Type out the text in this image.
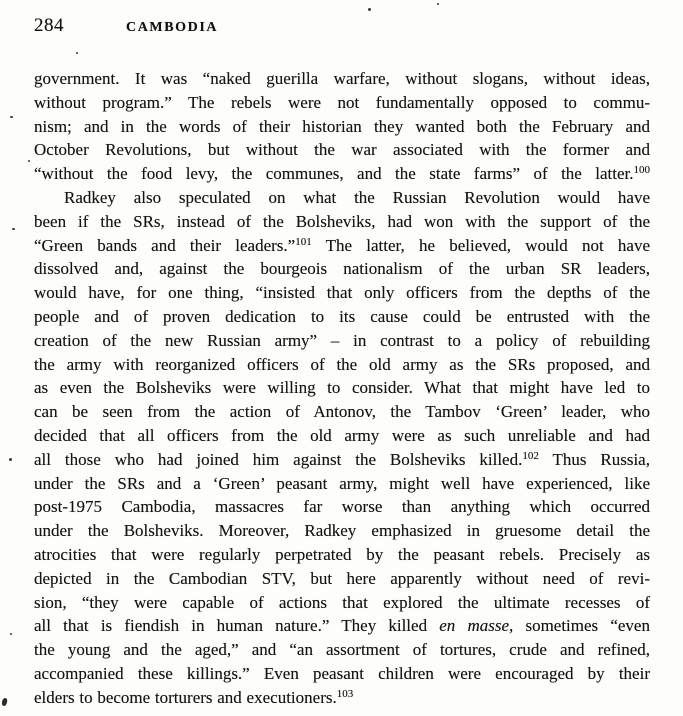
284	CAMBODIA
government. It was “naked guerilla warfare, without slogans, without ideas,
without program.” The rebels were not fundamentally opposed to commu-
nism; and in the words of their historian they wanted both the February and
October Revolutions, but without the war associated with the former and
“without the food levy, the communes, and the state farms” of the latter.$^{100}$
Radkey also speculated on what the Russian Revolution would have
been if the SRs, instead of the Bolsheviks, had won with the support of the
“Green bands and their leaders.”$^{101}$ The latter, he believed, would not have
dissolved and, against the bourgeois nationalism of the urban SR leaders,
would have, for one thing, “insisted that only officers from the depths of the
people and of proven dedication to its cause could be entrusted with the
creation of the new Russian army” – in contrast to a policy of rebuilding
the army with reorganized officers of the old army as the SRs proposed, and
as even the Bolsheviks were willing to consider. What that might have led to
can be seen from the action of Antonov, the Tambov ‘Green’ leader, who
decided that all officers from the old army were as such unreliable and had
all those who had joined him against the Bolsheviks killed.$^{102}$ Thus Russia,
under the SRs and a ‘Green’ peasant army, might well have experienced, like
post-1975 Cambodia, massacres far worse than anything which occurred
under the Bolsheviks. Moreover, Radkey emphasized in gruesome detail the
atrocities that were regularly perpetrated by the peasant rebels. Precisely as
depicted in the Cambodian STV, but here apparently without need of revi-
sion, “they were capable of actions that explored the ultimate recesses of
all that is fiendish in human nature.” They killed en masse, sometimes “even
the young and the aged,” and “an assortment of tortures, crude and refined,
accompanied these killings.” Even peasant children were encouraged by their
elders to become torturers and executioners.$^{103}$
